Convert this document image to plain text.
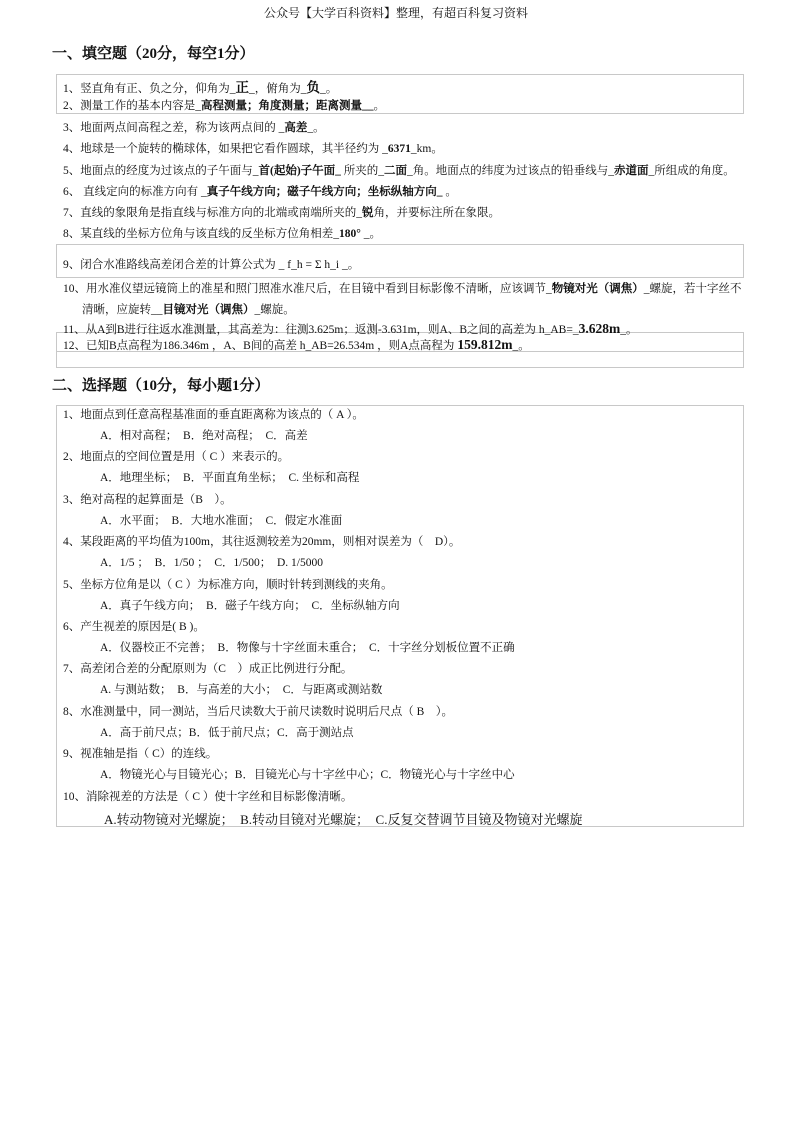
公众号【大学百科资料】整理，有超百科复习资料
一、填空题（20分，每空1分）
二、选择题（10分，每小题1分）
1、竖直角有正、负之分，仰角为_正_，俯角为_负_。
2、测量工作的基本内容是_高程测量；角度测量；距离测量__。
3、地面两点间高程之差，称为该两点间的 _高差_。
4、地球是一个旋转的椭球体，如果把它看作圆球，其半径约为 _6371_km。
5、地面点的经度为过该点的子午面与_首(起始)子午面_ 所夹的_二面_角。地面点的纬度为过该点的铅垂线与_赤道面_所组成的角度。
6、 直线定向的标准方向有 _真子午线方向；磁子午线方向；坐标纵轴方向_ 。
7、直线的象限角是指直线与标准方向的北端或南端所夹的_锐角，并要标注所在象限。
8、某直线的坐标方位角与该直线的反坐标方位角相差_180° _。
9、闭合水准路线高差闭合差的计算公式为 _ f_h = Σ h_i _。
10、用水准仪望远镜筒上的准星和照门照准水准尺后，在目镜中看到目标影像不清晰，应该调节_物镜对光（调焦）_螺旋，若十字丝不
清晰，应旋转__目镜对光（调焦）_螺旋。
11、从A到B进行往返水准测量，其高差为：往测3.625m；返测-3.631m，则A、B之间的高差为 h_AB=_3.628m_。
12、已知B点高程为186.346m ，A、B间的高差 h_AB=26.534m ，则A点高程为 159.812m_。
1、地面点到任意高程基准面的垂直距离称为该点的（ A ）。
A．相对高程；　B．绝对高程；　C．高差
2、地面点的空间位置是用（ C ）来表示的。
A．地理坐标；　B．平面直角坐标；　C. 坐标和高程
3、绝对高程的起算面是（B　）。
A．水平面；　B．大地水准面；　C．假定水准面
4、某段距离的平均值为100m，其往返测较差为20mm，则相对误差为（　D）。
A．1/5 ；　B．1/50 ；　C．1/500；　D. 1/5000
5、坐标方位角是以（ C ）为标准方向，顺时针转到测线的夹角。
A．真子午线方向；　B．磁子午线方向；　C．坐标纵轴方向
6、产生视差的原因是( B )。
A．仪器校正不完善；　B．物像与十字丝面未重合；　C．十字丝分划板位置不正确
7、高差闭合差的分配原则为（C　）成正比例进行分配。
A. 与测站数；　B．与高差的大小；　C．与距离或测站数
8、水准测量中，同一测站，当后尺读数大于前尺读数时说明后尺点（ B　）。
A．高于前尺点；B．低于前尺点；C．高于测站点
9、视准轴是指（ C）的连线。
A．物镜光心与目镜光心；B．目镜光心与十字丝中心；C．物镜光心与十字丝中心
10、消除视差的方法是（ C ）使十字丝和目标影像清晰。
A.转动物镜对光螺旋；　B.转动目镜对光螺旋；　C.反复交替调节目镜及物镜对光螺旋
